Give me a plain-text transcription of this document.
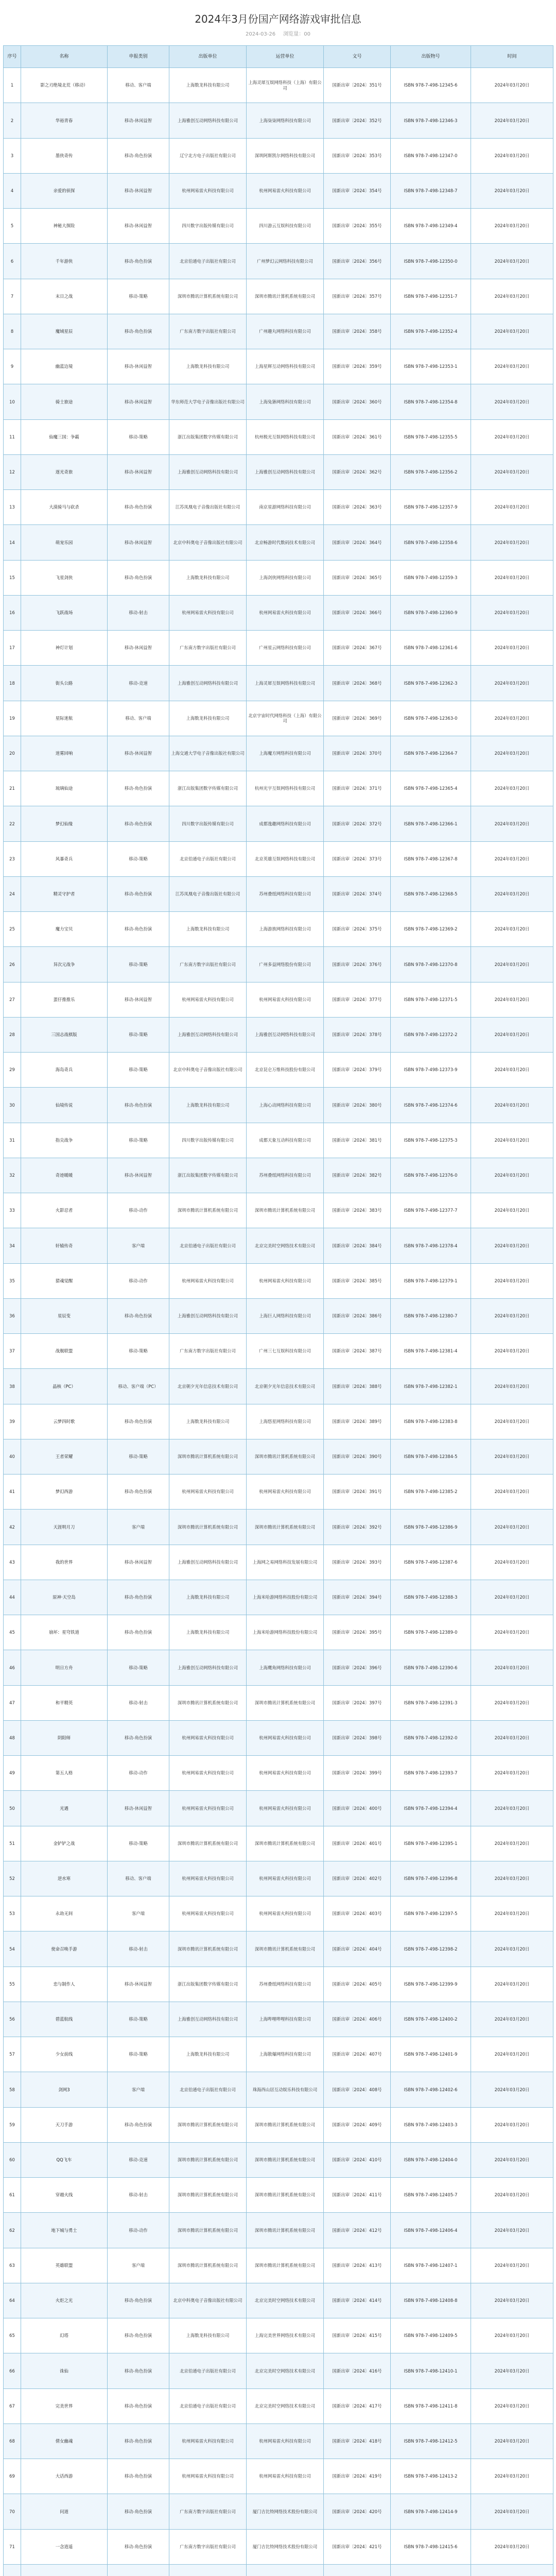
2024年3月份国产网络游戏审批信息
2024-03-26 浏览量：00
序号	名称	申报类别	出版单位	运营单位	文号	出版物号	时间
1	影之刃绝境北荒（移动）	移动、客户端	上海数龙科技有限公司	上海灵犀互娱网络科技（上海）有限公司	国新出审〔2024〕351号	ISBN 978-7-498-12345-6	2024年03月20日
2	华裕青春	移动-休闲益智	上海雅创互动网络科技有限公司	上海柒柒网络科技有限公司	国新出审〔2024〕352号	ISBN 978-7-498-12346-3	2024年03月20日
3	墨侠奇传	移动-角色扮演	辽宁北方电子出版社有限公司	深圳阿斯凯尔网络科技有限公司	国新出审〔2024〕353号	ISBN 978-7-498-12347-0	2024年03月20日
4	亲爱的侦探	移动-休闲益智	杭州网易雷火科技有限公司	杭州网易雷火科技有限公司	国新出审〔2024〕354号	ISBN 978-7-498-12348-7	2024年03月20日
5	神秘大探险	移动-休闲益智	四川数字出版传媒有限公司	四川游云互娱科技有限公司	国新出审〔2024〕355号	ISBN 978-7-498-12349-4	2024年03月20日
6	千年游侠	移动-角色扮演	北京伯通电子出版社有限公司	广州梦幻云网络科技有限公司	国新出审〔2024〕356号	ISBN 978-7-498-12350-0	2024年03月20日
7	末日之战	移动-策略	深圳市腾讯计算机系统有限公司	深圳市腾讯计算机系统有限公司	国新出审〔2024〕357号	ISBN 978-7-498-12351-7	2024年03月20日
8	魔域星辰	移动-角色扮演	广东南方数字出版社有限公司	广州趣丸网络科技有限公司	国新出审〔2024〕358号	ISBN 978-7-498-12352-4	2024年03月20日
9	幽蓝边境	移动-休闲益智	上海数龙科技有限公司	上海星辉互动网络科技有限公司	国新出审〔2024〕359号	ISBN 978-7-498-12353-1	2024年03月20日
10	骑士旅途	移动-休闲益智	华东师范大学电子音像出版社有限公司	上海兔狲网络科技有限公司	国新出审〔2024〕360号	ISBN 978-7-498-12354-8	2024年03月20日
11	仙魔三国：争霸	移动-策略	浙江出版集团数字传媒有限公司	杭州极光互娱网络科技有限公司	国新出审〔2024〕361号	ISBN 978-7-498-12355-5	2024年03月20日
12	逐光奇旅	移动-休闲益智	上海雅创互动网络科技有限公司	上海雅创互动网络科技有限公司	国新出审〔2024〕362号	ISBN 978-7-498-12356-2	2024年03月20日
13	大漠骑马与砍杀	移动-角色扮演	江苏凤凰电子音像出版社有限公司	南京星游网络科技有限公司	国新出审〔2024〕363号	ISBN 978-7-498-12357-9	2024年03月20日
14	萌宠乐园	移动-休闲益智	北京中科奥电子音像出版社有限公司	北京畅游时代数码技术有限公司	国新出审〔2024〕364号	ISBN 978-7-498-12358-6	2024年03月20日
15	飞星剑侠	移动-角色扮演	上海数龙科技有限公司	上海剑侠网络科技有限公司	国新出审〔2024〕365号	ISBN 978-7-498-12359-3	2024年03月20日
16	飞跃战场	移动-射击	杭州网易雷火科技有限公司	杭州网易雷火科技有限公司	国新出审〔2024〕366号	ISBN 978-7-498-12360-9	2024年03月20日
17	神灯计划	移动-休闲益智	广东南方数字出版社有限公司	广州星云网络科技有限公司	国新出审〔2024〕367号	ISBN 978-7-498-12361-6	2024年03月20日
18	街头公路	移动-竞速	上海雅创互动网络科技有限公司	上海灵犀互娱网络科技有限公司	国新出审〔2024〕368号	ISBN 978-7-498-12362-3	2024年03月20日
19	星际迷航	移动、客户端	上海数龙科技有限公司	北京宇宙时代网络科技（上海）有限公司	国新出审〔2024〕369号	ISBN 978-7-498-12363-0	2024年03月20日
20	迷雾回响	移动-休闲益智	上海交通大学电子音像出版社有限公司	上海魔方网络科技有限公司	国新出审〔2024〕370号	ISBN 978-7-498-12364-7	2024年03月20日
21	琉璃仙途	移动-角色扮演	浙江出版集团数字传媒有限公司	杭州光宇互娱网络科技有限公司	国新出审〔2024〕371号	ISBN 978-7-498-12365-4	2024年03月20日
22	梦幻仙缘	移动-角色扮演	四川数字出版传媒有限公司	成都逸趣网络科技有限公司	国新出审〔2024〕372号	ISBN 978-7-498-12366-1	2024年03月20日
23	风暴奇兵	移动-策略	北京伯通电子出版社有限公司	北京英雄互娱网络科技有限公司	国新出审〔2024〕373号	ISBN 978-7-498-12367-8	2024年03月20日
24	精灵守护者	移动-角色扮演	江苏凤凰电子音像出版社有限公司	苏州叠纸网络科技有限公司	国新出审〔2024〕374号	ISBN 978-7-498-12368-5	2024年03月20日
25	魔力宝贝	移动-角色扮演	上海数龙科技有限公司	上海游族网络科技有限公司	国新出审〔2024〕375号	ISBN 978-7-498-12369-2	2024年03月20日
26	异次元战争	移动-策略	广东南方数字出版社有限公司	广州多益网络股份有限公司	国新出审〔2024〕376号	ISBN 978-7-498-12370-8	2024年03月20日
27	蛋仔推推乐	移动-休闲益智	杭州网易雷火科技有限公司	杭州网易雷火科技有限公司	国新出审〔2024〕377号	ISBN 978-7-498-12371-5	2024年03月20日
28	三国志战棋版	移动-策略	上海雅创互动网络科技有限公司	上海雅创互动网络科技有限公司	国新出审〔2024〕378号	ISBN 978-7-498-12372-2	2024年03月20日
29	海岛奇兵	移动-策略	北京中科奥电子音像出版社有限公司	北京昆仑万维科技股份有限公司	国新出审〔2024〕379号	ISBN 978-7-498-12373-9	2024年03月20日
30	仙境传说	移动-角色扮演	上海数龙科技有限公司	上海心动网络科技有限公司	国新出审〔2024〕380号	ISBN 978-7-498-12374-6	2024年03月20日
31	指尖战争	移动-策略	四川数字出版传媒有限公司	成都天象互动科技有限公司	国新出审〔2024〕381号	ISBN 978-7-498-12375-3	2024年03月20日
32	奇迹暖暖	移动-休闲益智	浙江出版集团数字传媒有限公司	苏州叠纸网络科技有限公司	国新出审〔2024〕382号	ISBN 978-7-498-12376-0	2024年03月20日
33	火影忍者	移动-动作	深圳市腾讯计算机系统有限公司	深圳市腾讯计算机系统有限公司	国新出审〔2024〕383号	ISBN 978-7-498-12377-7	2024年03月20日
34	轩辕传奇	客户端	北京伯通电子出版社有限公司	北京完美时空网络技术有限公司	国新出审〔2024〕384号	ISBN 978-7-498-12378-4	2024年03月20日
35	猎魂觉醒	移动-动作	杭州网易雷火科技有限公司	杭州网易雷火科技有限公司	国新出审〔2024〕385号	ISBN 978-7-498-12379-1	2024年03月20日
36	星辰变	移动-角色扮演	上海雅创互动网络科技有限公司	上海巨人网络科技有限公司	国新出审〔2024〕386号	ISBN 978-7-498-12380-7	2024年03月20日
37	战舰联盟	移动-策略	广东南方数字出版社有限公司	广州三七互娱科技有限公司	国新出审〔2024〕387号	ISBN 978-7-498-12381-4	2024年03月20日
38	晶核（PC）	移动、客户端（PC）	北京朝夕光年信息技术有限公司	北京朝夕光年信息技术有限公司	国新出审〔2024〕388号	ISBN 978-7-498-12382-1	2024年03月20日
39	云梦四时歌	移动-角色扮演	上海数龙科技有限公司	上海悠星网络科技有限公司	国新出审〔2024〕389号	ISBN 978-7-498-12383-8	2024年03月20日
40	王者荣耀	移动-策略	深圳市腾讯计算机系统有限公司	深圳市腾讯计算机系统有限公司	国新出审〔2024〕390号	ISBN 978-7-498-12384-5	2024年03月20日
41	梦幻西游	移动-角色扮演	杭州网易雷火科技有限公司	杭州网易雷火科技有限公司	国新出审〔2024〕391号	ISBN 978-7-498-12385-2	2024年03月20日
42	天涯明月刀	客户端	深圳市腾讯计算机系统有限公司	深圳市腾讯计算机系统有限公司	国新出审〔2024〕392号	ISBN 978-7-498-12386-9	2024年03月20日
43	我的世界	移动-休闲益智	上海雅创互动网络科技有限公司	上海网之易网络科技发展有限公司	国新出审〔2024〕393号	ISBN 978-7-498-12387-6	2024年03月20日
44	原神·天空岛	移动-角色扮演	上海数龙科技有限公司	上海米哈游网络科技股份有限公司	国新出审〔2024〕394号	ISBN 978-7-498-12388-3	2024年03月20日
45	崩坏：星穹铁道	移动-角色扮演	上海数龙科技有限公司	上海米哈游网络科技股份有限公司	国新出审〔2024〕395号	ISBN 978-7-498-12389-0	2024年03月20日
46	明日方舟	移动-策略	上海雅创互动网络科技有限公司	上海鹰角网络科技有限公司	国新出审〔2024〕396号	ISBN 978-7-498-12390-6	2024年03月20日
47	和平精英	移动-射击	深圳市腾讯计算机系统有限公司	深圳市腾讯计算机系统有限公司	国新出审〔2024〕397号	ISBN 978-7-498-12391-3	2024年03月20日
48	阴阳师	移动-角色扮演	杭州网易雷火科技有限公司	杭州网易雷火科技有限公司	国新出审〔2024〕398号	ISBN 978-7-498-12392-0	2024年03月20日
49	第五人格	移动-动作	杭州网易雷火科技有限公司	杭州网易雷火科技有限公司	国新出审〔2024〕399号	ISBN 978-7-498-12393-7	2024年03月20日
50	光遇	移动-休闲益智	杭州网易雷火科技有限公司	杭州网易雷火科技有限公司	国新出审〔2024〕400号	ISBN 978-7-498-12394-4	2024年03月20日
51	金铲铲之战	移动-策略	深圳市腾讯计算机系统有限公司	深圳市腾讯计算机系统有限公司	国新出审〔2024〕401号	ISBN 978-7-498-12395-1	2024年03月20日
52	逆水寒	移动、客户端	杭州网易雷火科技有限公司	杭州网易雷火科技有限公司	国新出审〔2024〕402号	ISBN 978-7-498-12396-8	2024年03月20日
53	永劫无间	客户端	杭州网易雷火科技有限公司	杭州网易雷火科技有限公司	国新出审〔2024〕403号	ISBN 978-7-498-12397-5	2024年03月20日
54	使命召唤手游	移动-射击	深圳市腾讯计算机系统有限公司	深圳市腾讯计算机系统有限公司	国新出审〔2024〕404号	ISBN 978-7-498-12398-2	2024年03月20日
55	恋与制作人	移动-休闲益智	浙江出版集团数字传媒有限公司	苏州叠纸网络科技有限公司	国新出审〔2024〕405号	ISBN 978-7-498-12399-9	2024年03月20日
56	碧蓝航线	移动-策略	上海雅创互动网络科技有限公司	上海哔哩哔哩科技有限公司	国新出审〔2024〕406号	ISBN 978-7-498-12400-2	2024年03月20日
57	少女前线	移动-策略	上海数龙科技有限公司	上海散爆网络科技有限公司	国新出审〔2024〕407号	ISBN 978-7-498-12401-9	2024年03月20日
58	剑网3	客户端	北京伯通电子出版社有限公司	珠海西山居互动娱乐科技有限公司	国新出审〔2024〕408号	ISBN 978-7-498-12402-6	2024年03月20日
59	天刀手游	移动-角色扮演	深圳市腾讯计算机系统有限公司	深圳市腾讯计算机系统有限公司	国新出审〔2024〕409号	ISBN 978-7-498-12403-3	2024年03月20日
60	QQ飞车	移动-竞速	深圳市腾讯计算机系统有限公司	深圳市腾讯计算机系统有限公司	国新出审〔2024〕410号	ISBN 978-7-498-12404-0	2024年03月20日
61	穿越火线	移动-射击	深圳市腾讯计算机系统有限公司	深圳市腾讯计算机系统有限公司	国新出审〔2024〕411号	ISBN 978-7-498-12405-7	2024年03月20日
62	地下城与勇士	移动-动作	深圳市腾讯计算机系统有限公司	深圳市腾讯计算机系统有限公司	国新出审〔2024〕412号	ISBN 978-7-498-12406-4	2024年03月20日
63	英雄联盟	客户端	深圳市腾讯计算机系统有限公司	深圳市腾讯计算机系统有限公司	国新出审〔2024〕413号	ISBN 978-7-498-12407-1	2024年03月20日
64	火炬之光	移动-角色扮演	北京中科奥电子音像出版社有限公司	北京完美时空网络技术有限公司	国新出审〔2024〕414号	ISBN 978-7-498-12408-8	2024年03月20日
65	幻塔	移动-角色扮演	上海数龙科技有限公司	上海完美世界网络技术有限公司	国新出审〔2024〕415号	ISBN 978-7-498-12409-5	2024年03月20日
66	诛仙	移动-角色扮演	北京伯通电子出版社有限公司	北京完美时空网络技术有限公司	国新出审〔2024〕416号	ISBN 978-7-498-12410-1	2024年03月20日
67	完美世界	移动-角色扮演	北京伯通电子出版社有限公司	北京完美时空网络技术有限公司	国新出审〔2024〕417号	ISBN 978-7-498-12411-8	2024年03月20日
68	倩女幽魂	移动-角色扮演	杭州网易雷火科技有限公司	杭州网易雷火科技有限公司	国新出审〔2024〕418号	ISBN 978-7-498-12412-5	2024年03月20日
69	大话西游	移动-角色扮演	杭州网易雷火科技有限公司	杭州网易雷火科技有限公司	国新出审〔2024〕419号	ISBN 978-7-498-12413-2	2024年03月20日
70	问道	移动-角色扮演	广东南方数字出版社有限公司	厦门吉比特网络技术股份有限公司	国新出审〔2024〕420号	ISBN 978-7-498-12414-9	2024年03月20日
71	一念逍遥	移动-角色扮演	广东南方数字出版社有限公司	厦门吉比特网络技术股份有限公司	国新出审〔2024〕421号	ISBN 978-7-498-12415-6	2024年03月20日
